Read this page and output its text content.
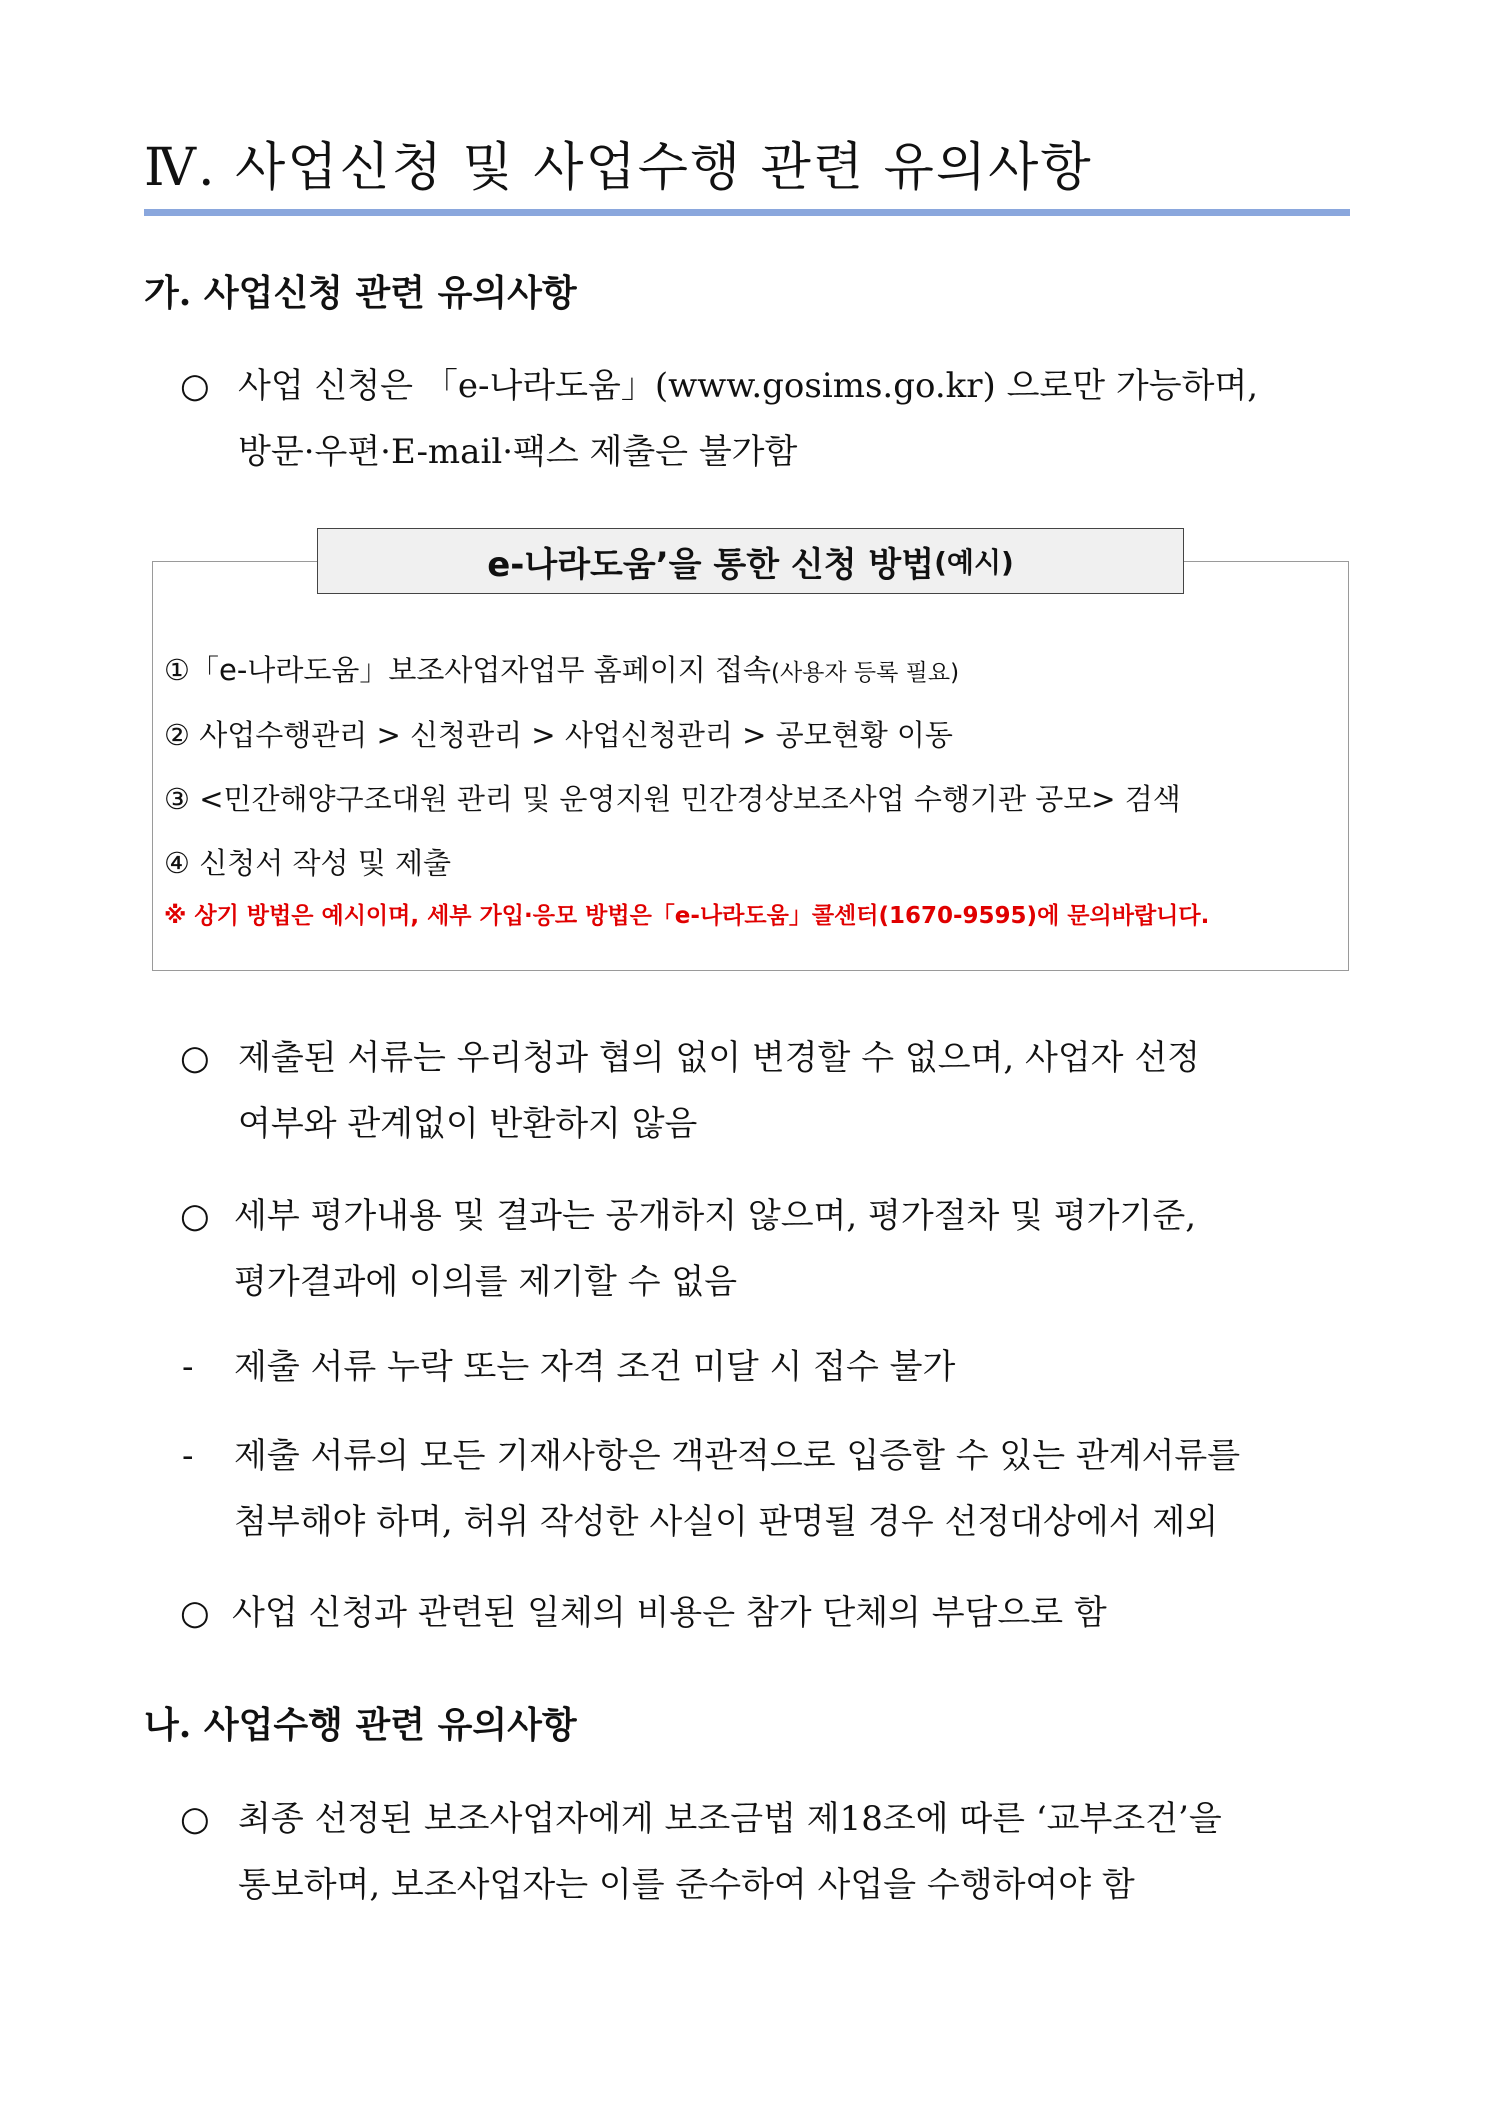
Ⅳ. 사업신청 및 사업수행 관련 유의사항
가. 사업신청 관련 유의사항
○ 사업 신청은 「e-나라도움」(www.gosims.go.kr) 으로만 가능하며,
방문·우편·E-mail·팩스 제출은 불가함
e-나라도움’을 통한 신청 방법 (예시)
①「e-나라도움」보조사업자업무 홈페이지 접속(사용자 등록 필요)
② 사업수행관리 > 신청관리 > 사업신청관리 > 공모현황 이동
③ <민간해양구조대원 관리 및 운영지원 민간경상보조사업 수행기관 공모> 검색
④ 신청서 작성 및 제출
※ 상기 방법은 예시이며, 세부 가입·응모 방법은「e-나라도움」콜센터(1670-9595)에 문의바랍니다.
○ 제출된 서류는 우리청과 협의 없이 변경할 수 없으며, 사업자 선정
여부와 관계없이 반환하지 않음
○ 세부 평가내용 및 결과는 공개하지 않으며, 평가절차 및 평가기준,
평가결과에 이의를 제기할 수 없음
- 제출 서류 누락 또는 자격 조건 미달 시 접수 불가
- 제출 서류의 모든 기재사항은 객관적으로 입증할 수 있는 관계서류를
첨부해야 하며, 허위 작성한 사실이 판명될 경우 선정대상에서 제외
○ 사업 신청과 관련된 일체의 비용은 참가 단체의 부담으로 함
나. 사업수행 관련 유의사항
○ 최종 선정된 보조사업자에게 보조금법 제18조에 따른 ‘교부조건’을
통보하며, 보조사업자는 이를 준수하여 사업을 수행하여야 함
